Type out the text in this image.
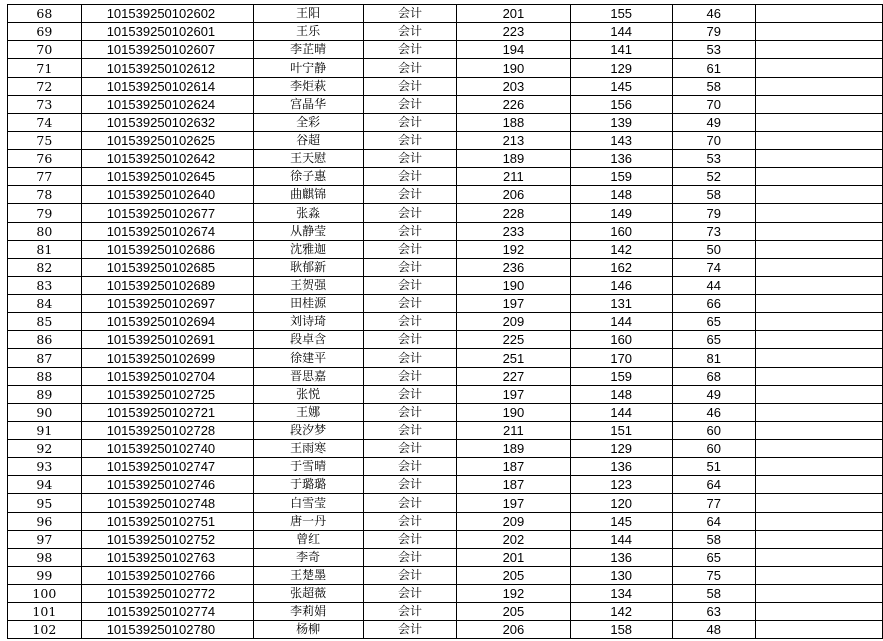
68	101539250102602	王阳	会计	201	155	46	
69	101539250102601	王乐	会计	223	144	79	
70	101539250102607	李芷晴	会计	194	141	53	
71	101539250102612	叶宁静	会计	190	129	61	
72	101539250102614	李炬萩	会计	203	145	58	
73	101539250102624	宫晶华	会计	226	156	70	
74	101539250102632	全彩	会计	188	139	49	
75	101539250102625	谷超	会计	213	143	70	
76	101539250102642	王天慰	会计	189	136	53	
77	101539250102645	徐子惠	会计	211	159	52	
78	101539250102640	曲麒锦	会计	206	148	58	
79	101539250102677	张淼	会计	228	149	79	
80	101539250102674	从静莹	会计	233	160	73	
81	101539250102686	沈雅迦	会计	192	142	50	
82	101539250102685	耿郁新	会计	236	162	74	
83	101539250102689	王贺强	会计	190	146	44	
84	101539250102697	田桂源	会计	197	131	66	
85	101539250102694	刘诗琦	会计	209	144	65	
86	101539250102691	段卓含	会计	225	160	65	
87	101539250102699	徐建平	会计	251	170	81	
88	101539250102704	晋思嘉	会计	227	159	68	
89	101539250102725	张悦	会计	197	148	49	
90	101539250102721	王娜	会计	190	144	46	
91	101539250102728	段汐梦	会计	211	151	60	
92	101539250102740	王雨寒	会计	189	129	60	
93	101539250102747	于雪晴	会计	187	136	51	
94	101539250102746	于璐璐	会计	187	123	64	
95	101539250102748	白雪莹	会计	197	120	77	
96	101539250102751	唐一丹	会计	209	145	64	
97	101539250102752	曾红	会计	202	144	58	
98	101539250102763	李奇	会计	201	136	65	
99	101539250102766	王楚墨	会计	205	130	75	
100	101539250102772	张超薇	会计	192	134	58	
101	101539250102774	李莉娟	会计	205	142	63	
102	101539250102780	杨柳	会计	206	158	48	
